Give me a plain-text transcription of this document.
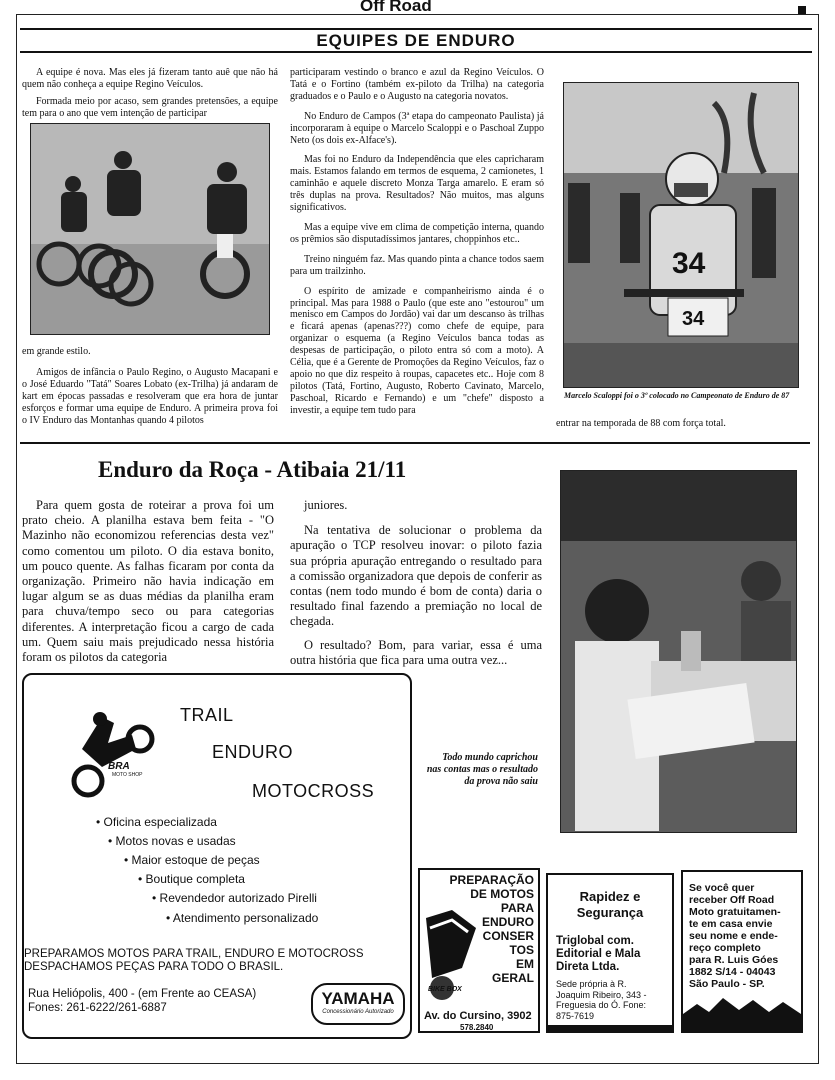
Off Road
EQUIPES DE ENDURO

A equipe é nova. Mas eles já fizeram tanto auê que não há quem não conheça a equipe Regino Veículos.

Formada meio por acaso, sem grandes pretensões, a equipe tem para o ano que vem intenção de participar

em grande estilo.

Amigos de infância o Paulo Regino, o Augusto Macapani e o José Eduardo "Tatá" Soares Lobato (ex-Trilha) já andaram de kart em épocas passadas e resolveram que era hora de juntar esforços e formar uma equipe de Enduro. A primeira prova foi o IV Enduro das Montanhas quando 4 pilotos

participaram vestindo o branco e azul da Regino Veículos. O Tatá e o Fortino (também ex-piloto da Trilha) na categoria graduados e o Paulo e o Augusto na categoria novatos.

No Enduro de Campos (3ª etapa do campeonato Paulista) já incorporaram à equipe o Marcelo Scaloppi e o Paschoal Zuppo Neto (os dois ex-Alface's).

Mas foi no Enduro da Independência que eles capricharam mais. Estamos falando em termos de esquema, 2 camionetes, 1 caminhão e aquele discreto Monza Targa amarelo. E eram só três duplas na prova. Resultados? Não muitos, mas alguns significativos.

Mas a equipe vive em clima de competição interna, quando os prêmios são disputadíssimos jantares, choppinhos etc..

Treino ninguém faz. Mas quando pinta a chance todos saem para um trailzinho.

O espírito de amizade e companheirismo ainda é o principal. Mas para 1988 o Paulo (que este ano "estourou" um menisco em Campos do Jordão) vai dar um descanso às trilhas e ficará apenas (apenas???) como chefe de equipe, para organizar o esquema (a Regino Veículos banca todas as despesas de participação, o piloto entra só com a moto). A Célia, que é a Gerente de Promoções da Regino Veículos, faz o apoio no que diz respeito à roupas, capacetes etc.. Hoje com 8 pilotos (Tatá, Fortino, Augusto, Roberto Cavinato, Marcelo, Paschoal, Ricardo e Fernando) e um "chefe" disposto a investir, a equipe tem tudo para

34
34
Marcelo Scaloppi foi o 3º colocado no Campeonato de Enduro de 87

entrar na temporada de 88 com força total.

Enduro da Roça - Atibaia 21/11

Para quem gosta de roteirar a prova foi um prato cheio. A planilha estava bem feita - "O Mazinho não economizou referencias desta vez" como comentou um piloto. O dia estava bonito, um pouco quente. As falhas ficaram por conta da organização. Primeiro não havia indicação em lugar algum se as duas médias da planilha eram para chuva/tempo seco ou para categorias diferentes. A interpretação ficou a cargo de cada um. Quem saiu mais prejudicado nessa história foram os pilotos da categoria

juniores.

Na tentativa de solucionar o problema da apuração o TCP resolveu inovar: o piloto fazia sua própria apuração entregando o resultado para a comissão organizadora que depois de conferir as contas (nem todo mundo é bom de conta) daria o resultado final fazendo a premiação no local de chegada.

O resultado? Bom, para variar, essa é uma outra história que fica para uma outra vez...

Todo mundo caprichou nas contas mas o resultado da prova não saiu
BRA
MOTO SHOP
TRAIL
ENDURO
MOTOCROSS
• Oficina especializada
• Motos novas e usadas
• Maior estoque de peças
• Boutique completa
• Revendedor autorizado Pirelli
• Atendimento personalizado
PREPARAMOS MOTOS PARA TRAIL, ENDURO E MOTOCROSS
DESPACHAMOS PEÇAS PARA TODO O BRASIL.
Rua Heliópolis, 400 - (em Frente ao CEASA)
Fones: 261-6222/261-6887	YAMAHA
Concessionário Autorizado
PREPARAÇÃO
DE MOTOS
PARA
ENDURO
CONSER
TOS
EM
GERAL
BIKE BOX
Av. do Cursino, 3902
578.2840
Rapidez e
Segurança
Triglobal com.
Editorial e Mala
Direta Ltda.
Sede própria à R.
Joaquim Ribeiro, 343 -
Freguesia do Ó. Fone:
875-7619
Se você quer
receber Off Road
Moto gratuitamen-
te em casa envie
seu nome e ende-
reço completo
para R. Luis Góes
1882 S/14 - 04043
São Paulo - SP.
